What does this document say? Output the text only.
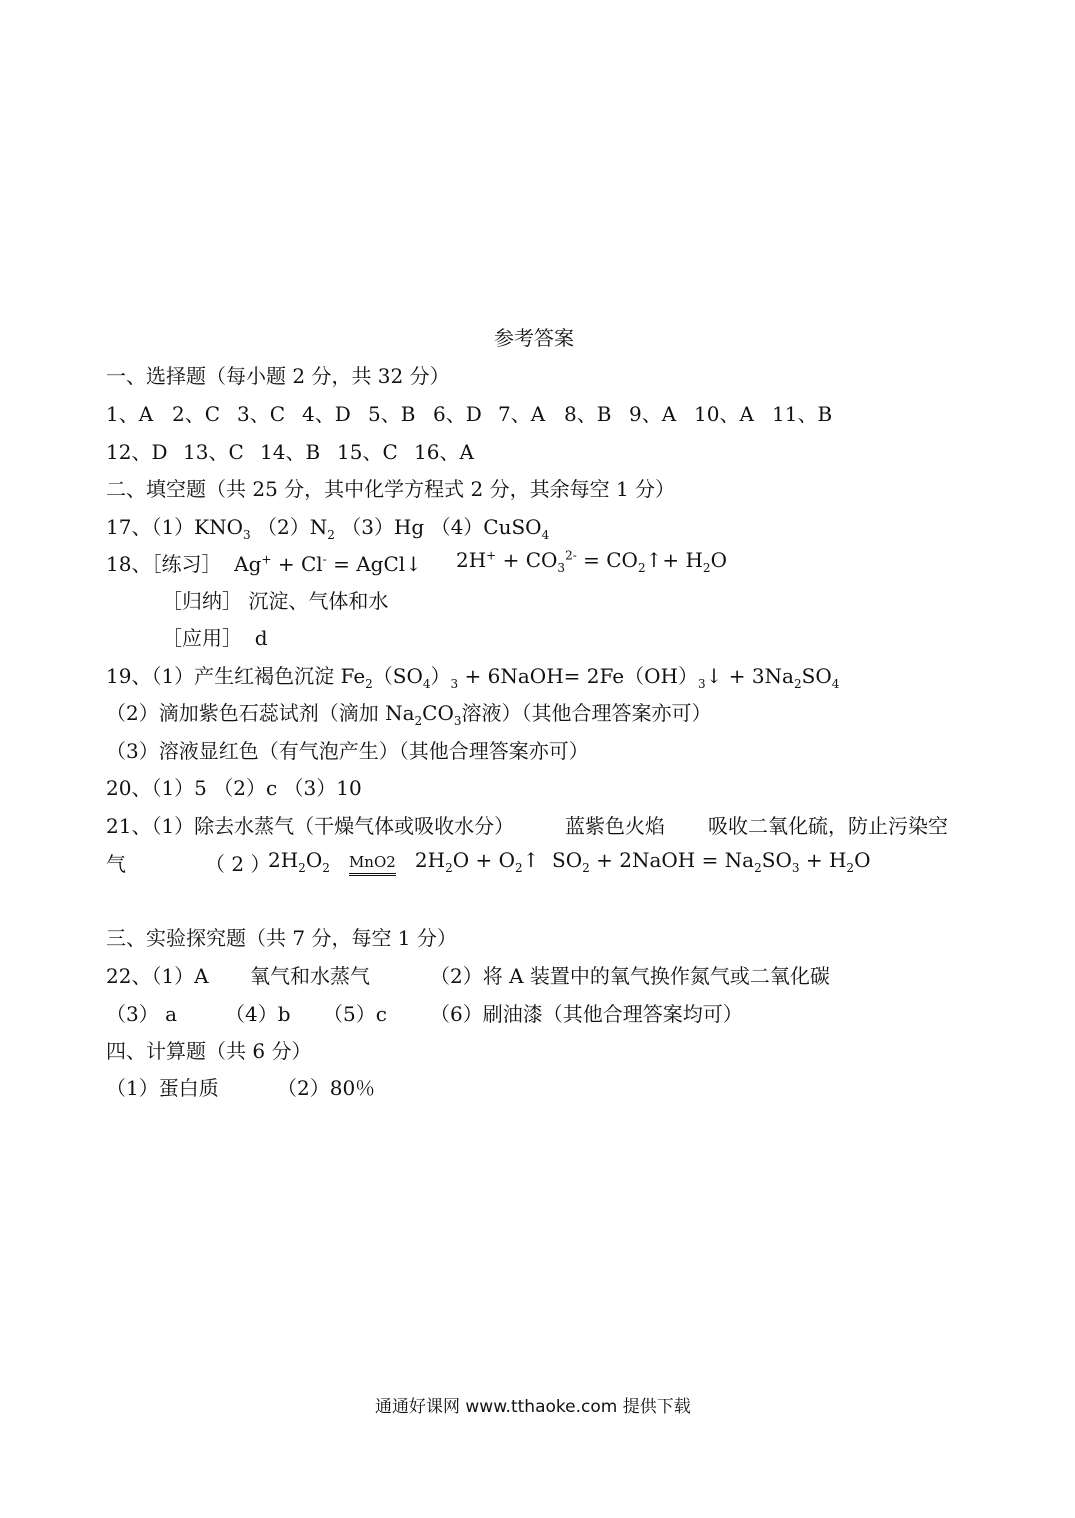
参考答案
一、选择题（每小题 2 分，共 32 分）
1、A 2、C 3、C 4、D 5、B 6、D 7、A 8、B 9、A 10、A 11、B
12、D 13、C 14、B 15、C 16、A
二、填空题（共 25 分，其中化学方程式 2 分，其余每空 1 分）
17、$(1)KNO_3$ $(2)N_2$ （3）Hg （4）CuSO$_4$
18、［练习］ Ag+ + Cl- = AgCl↓ $2H^+ + CO_3^{2-}$ = $CO_2↑+ H_2O$
［归纳］ 沉淀、气体和水
［应用］ d
19、（1）产生红褐色沉淀 $Fe_2(SO_4)_3$ + 6NaOH= $2Fe(OH)_3↓ + 3Na_2SO_4$
（2）滴加紫色石蕊试剂（滴加 $Na_2CO_3$溶液）（其他合理答案亦可）
（3）溶液显红色（有气泡产生）（其他合理答案亦可）
20、（1）5 （2）c （3）10
21、（1）除去水蒸气（干燥气体或吸收水分）	蓝紫色火焰 吸收二氧化硫，防止污染空
气	（ 2 ）
$2H_2O_2$ MnO2 $2H_2O$ + $O_2↑$ $SO_2$ + 2NaOH = $Na_2SO_3 + H_2O$
三、实验探究题（共 7 分，每空 1 分）
22、（1）A 氧气和水蒸气	（2）将 A 装置中的氧气换作氮气或二氧化碳
（3） a （4）b （5）c （6）刷油漆（其他合理答案均可）
四、计算题（共 6 分）
（1）蛋白质	（2）80％
通通好课网 www.tthaoke.com 提供下载
